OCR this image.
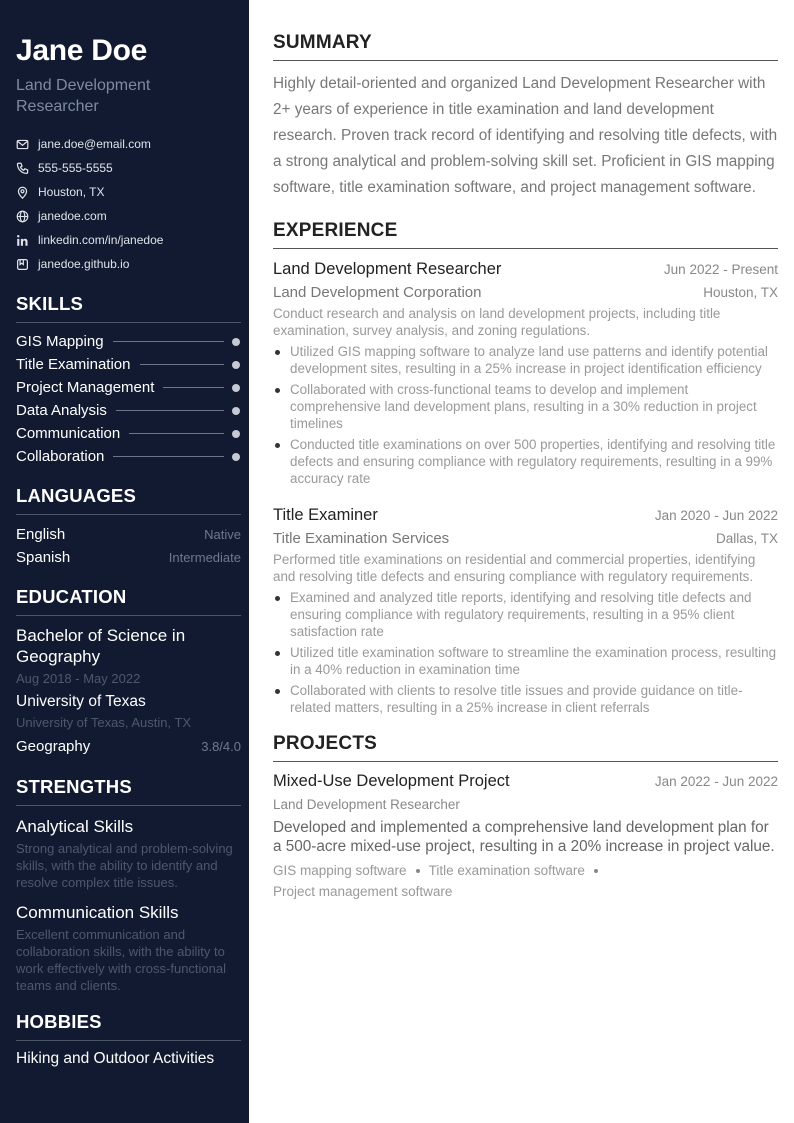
Jane Doe
Land Development Researcher
jane.doe@email.com
555-555-5555
Houston, TX
janedoe.com
linkedin.com/in/janedoe
janedoe.github.io
SKILLS
GIS Mapping
Title Examination
Project Management
Data Analysis
Communication
Collaboration
LANGUAGES
English	Native
Spanish	Intermediate
EDUCATION
Bachelor of Science in Geography
Aug 2018 - May 2022
University of Texas
University of Texas, Austin, TX
Geography	3.8/4.0
STRENGTHS
Analytical Skills
Strong analytical and problem-solving skills, with the ability to identify and resolve complex title issues.
Communication Skills
Excellent communication and collaboration skills, with the ability to work effectively with cross-functional teams and clients.
HOBBIES
Hiking and Outdoor Activities
SUMMARY

Highly detail-oriented and organized Land Development Researcher with 2+ years of experience in title examination and land development research. Proven track record of identifying and resolving title defects, with a strong analytical and problem-solving skill set. Proficient in GIS mapping software, title examination software, and project management software.

EXPERIENCE
Land Development Researcher	Jun 2022 - Present
Land Development Corporation	Houston, TX
Conduct research and analysis on land development projects, including title examination, survey analysis, and zoning regulations.
Utilized GIS mapping software to analyze land use patterns and identify potential development sites, resulting in a 25% increase in project identification efficiency
Collaborated with cross-functional teams to develop and implement comprehensive land development plans, resulting in a 30% reduction in project timelines
Conducted title examinations on over 500 properties, identifying and resolving title defects and ensuring compliance with regulatory requirements, resulting in a 99% accuracy rate
Title Examiner	Jan 2020 - Jun 2022
Title Examination Services	Dallas, TX
Performed title examinations on residential and commercial properties, identifying and resolving title defects and ensuring compliance with regulatory requirements.
Examined and analyzed title reports, identifying and resolving title defects and ensuring compliance with regulatory requirements, resulting in a 95% client satisfaction rate
Utilized title examination software to streamline the examination process, resulting in a 40% reduction in examination time
Collaborated with clients to resolve title issues and provide guidance on title-related matters, resulting in a 25% increase in client referrals
PROJECTS
Mixed-Use Development Project	Jan 2022 - Jun 2022
Land Development Researcher
Developed and implemented a comprehensive land development plan for a 500-acre mixed-use project, resulting in a 20% increase in project value.
GIS mapping software Title examination software
Project management software
